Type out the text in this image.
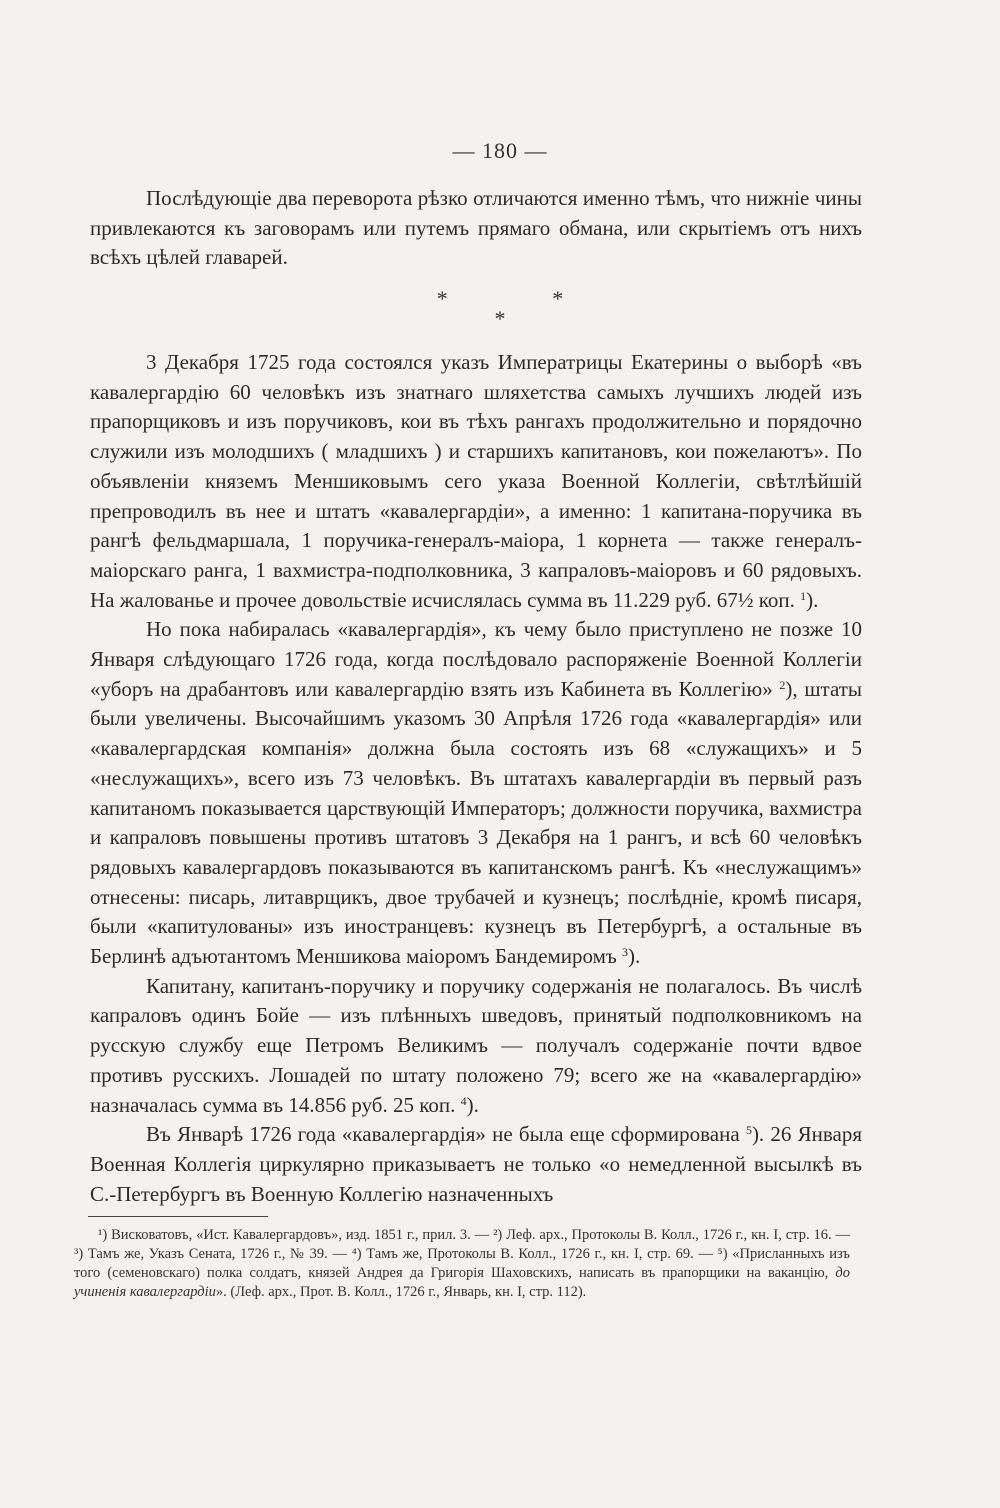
— 180 —

Послѣдующіе два переворота рѣзко отличаются именно тѣмъ, что нижніе чины привлекаются къ заговорамъ или путемъ прямаго обмана, или скрытіемъ отъ нихъ всѣхъ цѣлей главарей.

*	*
*

3 Декабря 1725 года состоялся указъ Императрицы Екатерины о выборѣ «въ кавалергардію 60 человѣкъ изъ знатнаго шляхетства самыхъ лучшихъ людей изъ прапорщиковъ и изъ поручиковъ, кои въ тѣхъ рангахъ продолжительно и порядочно служили изъ молодшихъ ( младшихъ ) и старшихъ капитановъ, кои пожелаютъ». По объявленіи княземъ Меншиковымъ сего указа Военной Коллегіи, свѣтлѣйшій препроводилъ въ нее и штатъ «кавалергардіи», а именно: 1 капитана-поручика въ рангѣ фельдмаршала, 1 поручика-генералъ-маіора, 1 корнета — также генералъ-маіорскаго ранга, 1 вахмистра-подполковника, 3 капраловъ-маіоровъ и 60 рядовыхъ. На жалованье и прочее довольствіе исчислялась сумма въ 11.229 руб. 67½ коп. $^1$).

Но пока набиралась «кавалергардія», къ чему было приступлено не позже 10 Января слѣдующаго 1726 года, когда послѣдовало распоряженіе Военной Коллегіи «уборъ на драбантовъ или кавалергардію взять изъ Кабинета въ Коллегію» $^2$), штаты были увеличены. Высочайшимъ указомъ 30 Апрѣля 1726 года «кавалергардія» или «кавалергардская компанія» должна была состоять изъ 68 «служащихъ» и 5 «неслужащихъ», всего изъ 73 человѣкъ. Въ штатахъ кавалергардіи въ первый разъ капитаномъ показывается царствующій Императоръ; должности поручика, вахмистра и капраловъ повышены противъ штатовъ 3 Декабря на 1 рангъ, и всѣ 60 человѣкъ рядовыхъ кавалергардовъ показываются въ капитанскомъ рангѣ. Къ «неслужащимъ» отнесены: писарь, литаврщикъ, двое трубачей и кузнецъ; послѣдніе, кромѣ писаря, были «капитулованы» изъ иностранцевъ: кузнецъ въ Петербургѣ, а остальные въ Берлинѣ адъютантомъ Меншикова маіоромъ Бандемиромъ $^3$).

Капитану, капитанъ-поручику и поручику содержанія не полагалось. Въ числѣ капраловъ одинъ Бойе — изъ плѣнныхъ шведовъ, принятый подполковникомъ на русскую службу еще Петромъ Великимъ — получалъ содержаніе почти вдвое противъ русскихъ. Лошадей по штату положено 79; всего же на «кавалергардію» назначалась сумма въ 14.856 руб. 25 коп. $^4$).

Въ Январѣ 1726 года «кавалергардія» не была еще сформирована $^5$). 26 Января Военная Коллегія циркулярно приказываетъ не только «о немедленной высылкѣ въ С.-Петербургъ въ Военную Коллегію назначенныхъ

¹) Висковатовъ, «Ист. Кавалергардовъ», изд. 1851 г., прил. 3. — ²) Леф. арх., Протоколы В. Колл., 1726 г., кн. I, стр. 16. — ³) Тамъ же, Указъ Сената, 1726 г., № 39. — ⁴) Тамъ же, Протоколы В. Колл., 1726 г., кн. I, стр. 69. — ⁵) «Присланныхъ изъ того (семеновскаго) полка солдатъ, князей Андрея да Григорія Шаховскихъ, написать въ прапорщики на ваканцію, до учиненія кавалергардіи». (Леф. арх., Прот. В. Колл., 1726 г., Январь, кн. I, стр. 112).
